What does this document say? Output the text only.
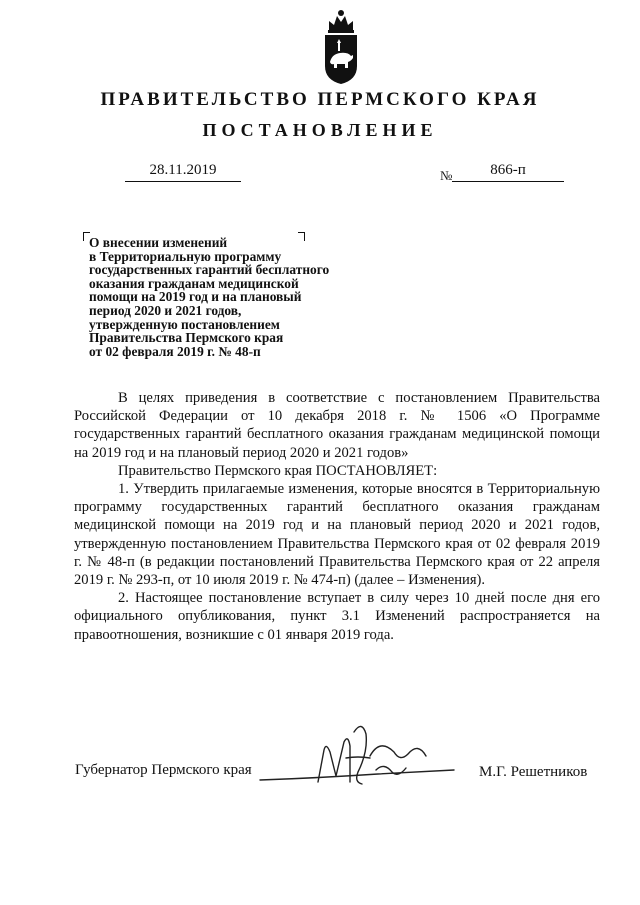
ПРАВИТЕЛЬСТВО ПЕРМСКОГО КРАЯ
ПОСТАНОВЛЕНИЕ
28.11.2019	№	866-п
О внесении изменений
в Территориальную программу
государственных гарантий бесплатного
оказания гражданам медицинской
помощи на 2019 год и на плановый
период 2020 и 2021 годов,
утвержденную постановлением
Правительства Пермского края
от 02 февраля 2019 г. № 48-п

В целях приведения в соответствие с постановлением Правительства Российской Федерации от 10 декабря 2018 г. № 1506 «О Программе государственных гарантий бесплатного оказания гражданам медицинской помощи на 2019 год и на плановый период 2020 и 2021 годов»

Правительство Пермского края ПОСТАНОВЛЯЕТ:

1. Утвердить прилагаемые изменения, которые вносятся в Территориальную программу государственных гарантий бесплатного оказания гражданам медицинской помощи на 2019 год и на плановый период 2020 и 2021 годов, утвержденную постановлением Правительства Пермского края от 02 февраля 2019 г. № 48-п (в редакции постановлений Правительства Пермского края от 22 апреля 2019 г. № 293-п, от 10 июля 2019 г. № 474-п) (далее – Изменения).

2. Настоящее постановление вступает в силу через 10 дней после дня его официального опубликования, пункт 3.1 Изменений распространяется на правоотношения, возникшие с 01 января 2019 года.

Губернатор Пермского края	М.Г. Решетников
